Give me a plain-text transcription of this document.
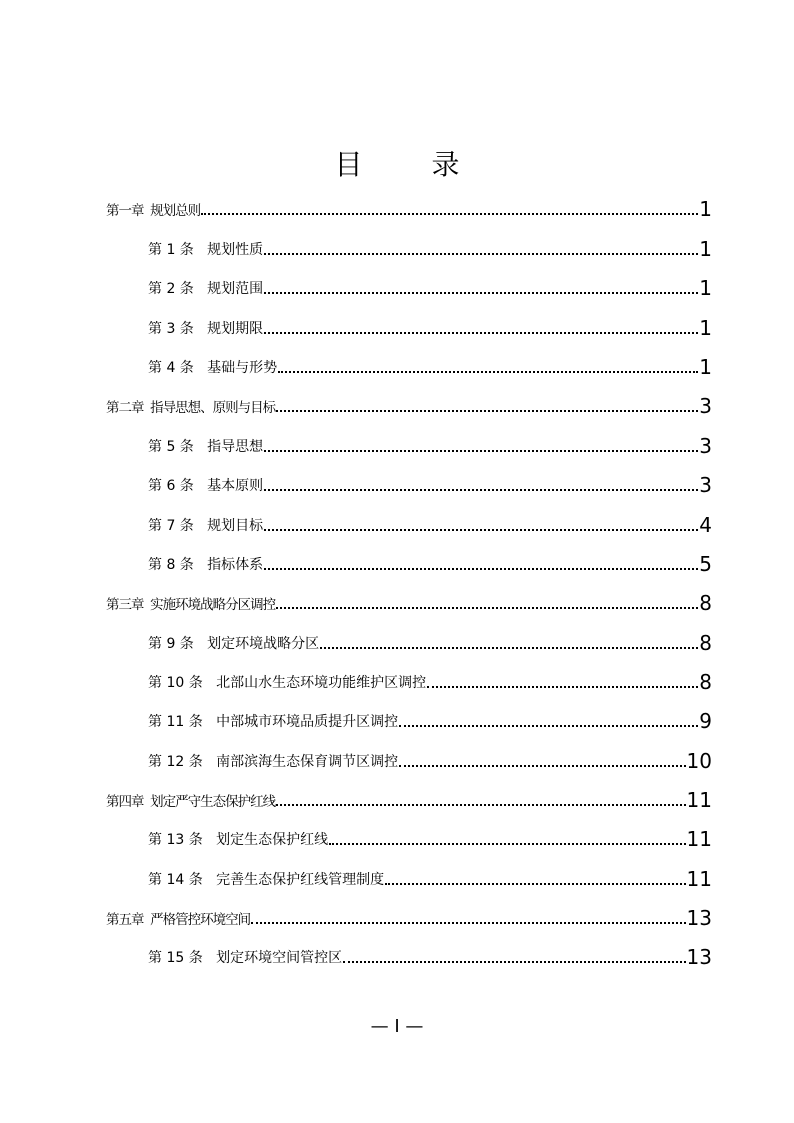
目 录
第一章  规划总则	1
第 1 条   规划性质	1
第 2 条   规划范围	1
第 3 条   规划期限	1
第 4 条   基础与形势	1
第二章  指导思想、原则与目标	3
第 5 条   指导思想	3
第 6 条   基本原则	3
第 7 条   规划目标	4
第 8 条   指标体系	5
第三章  实施环境战略分区调控	8
第 9 条   划定环境战略分区	8
第 10 条   北部山水生态环境功能维护区调控	8
第 11 条   中部城市环境品质提升区调控	9
第 12 条   南部滨海生态保育调节区调控	10
第四章  划定严守生态保护红线	11
第 13 条   划定生态保护红线	11
第 14 条   完善生态保护红线管理制度	11
第五章  严格管控环境空间	13
第 15 条   划定环境空间管控区	13
— I —
